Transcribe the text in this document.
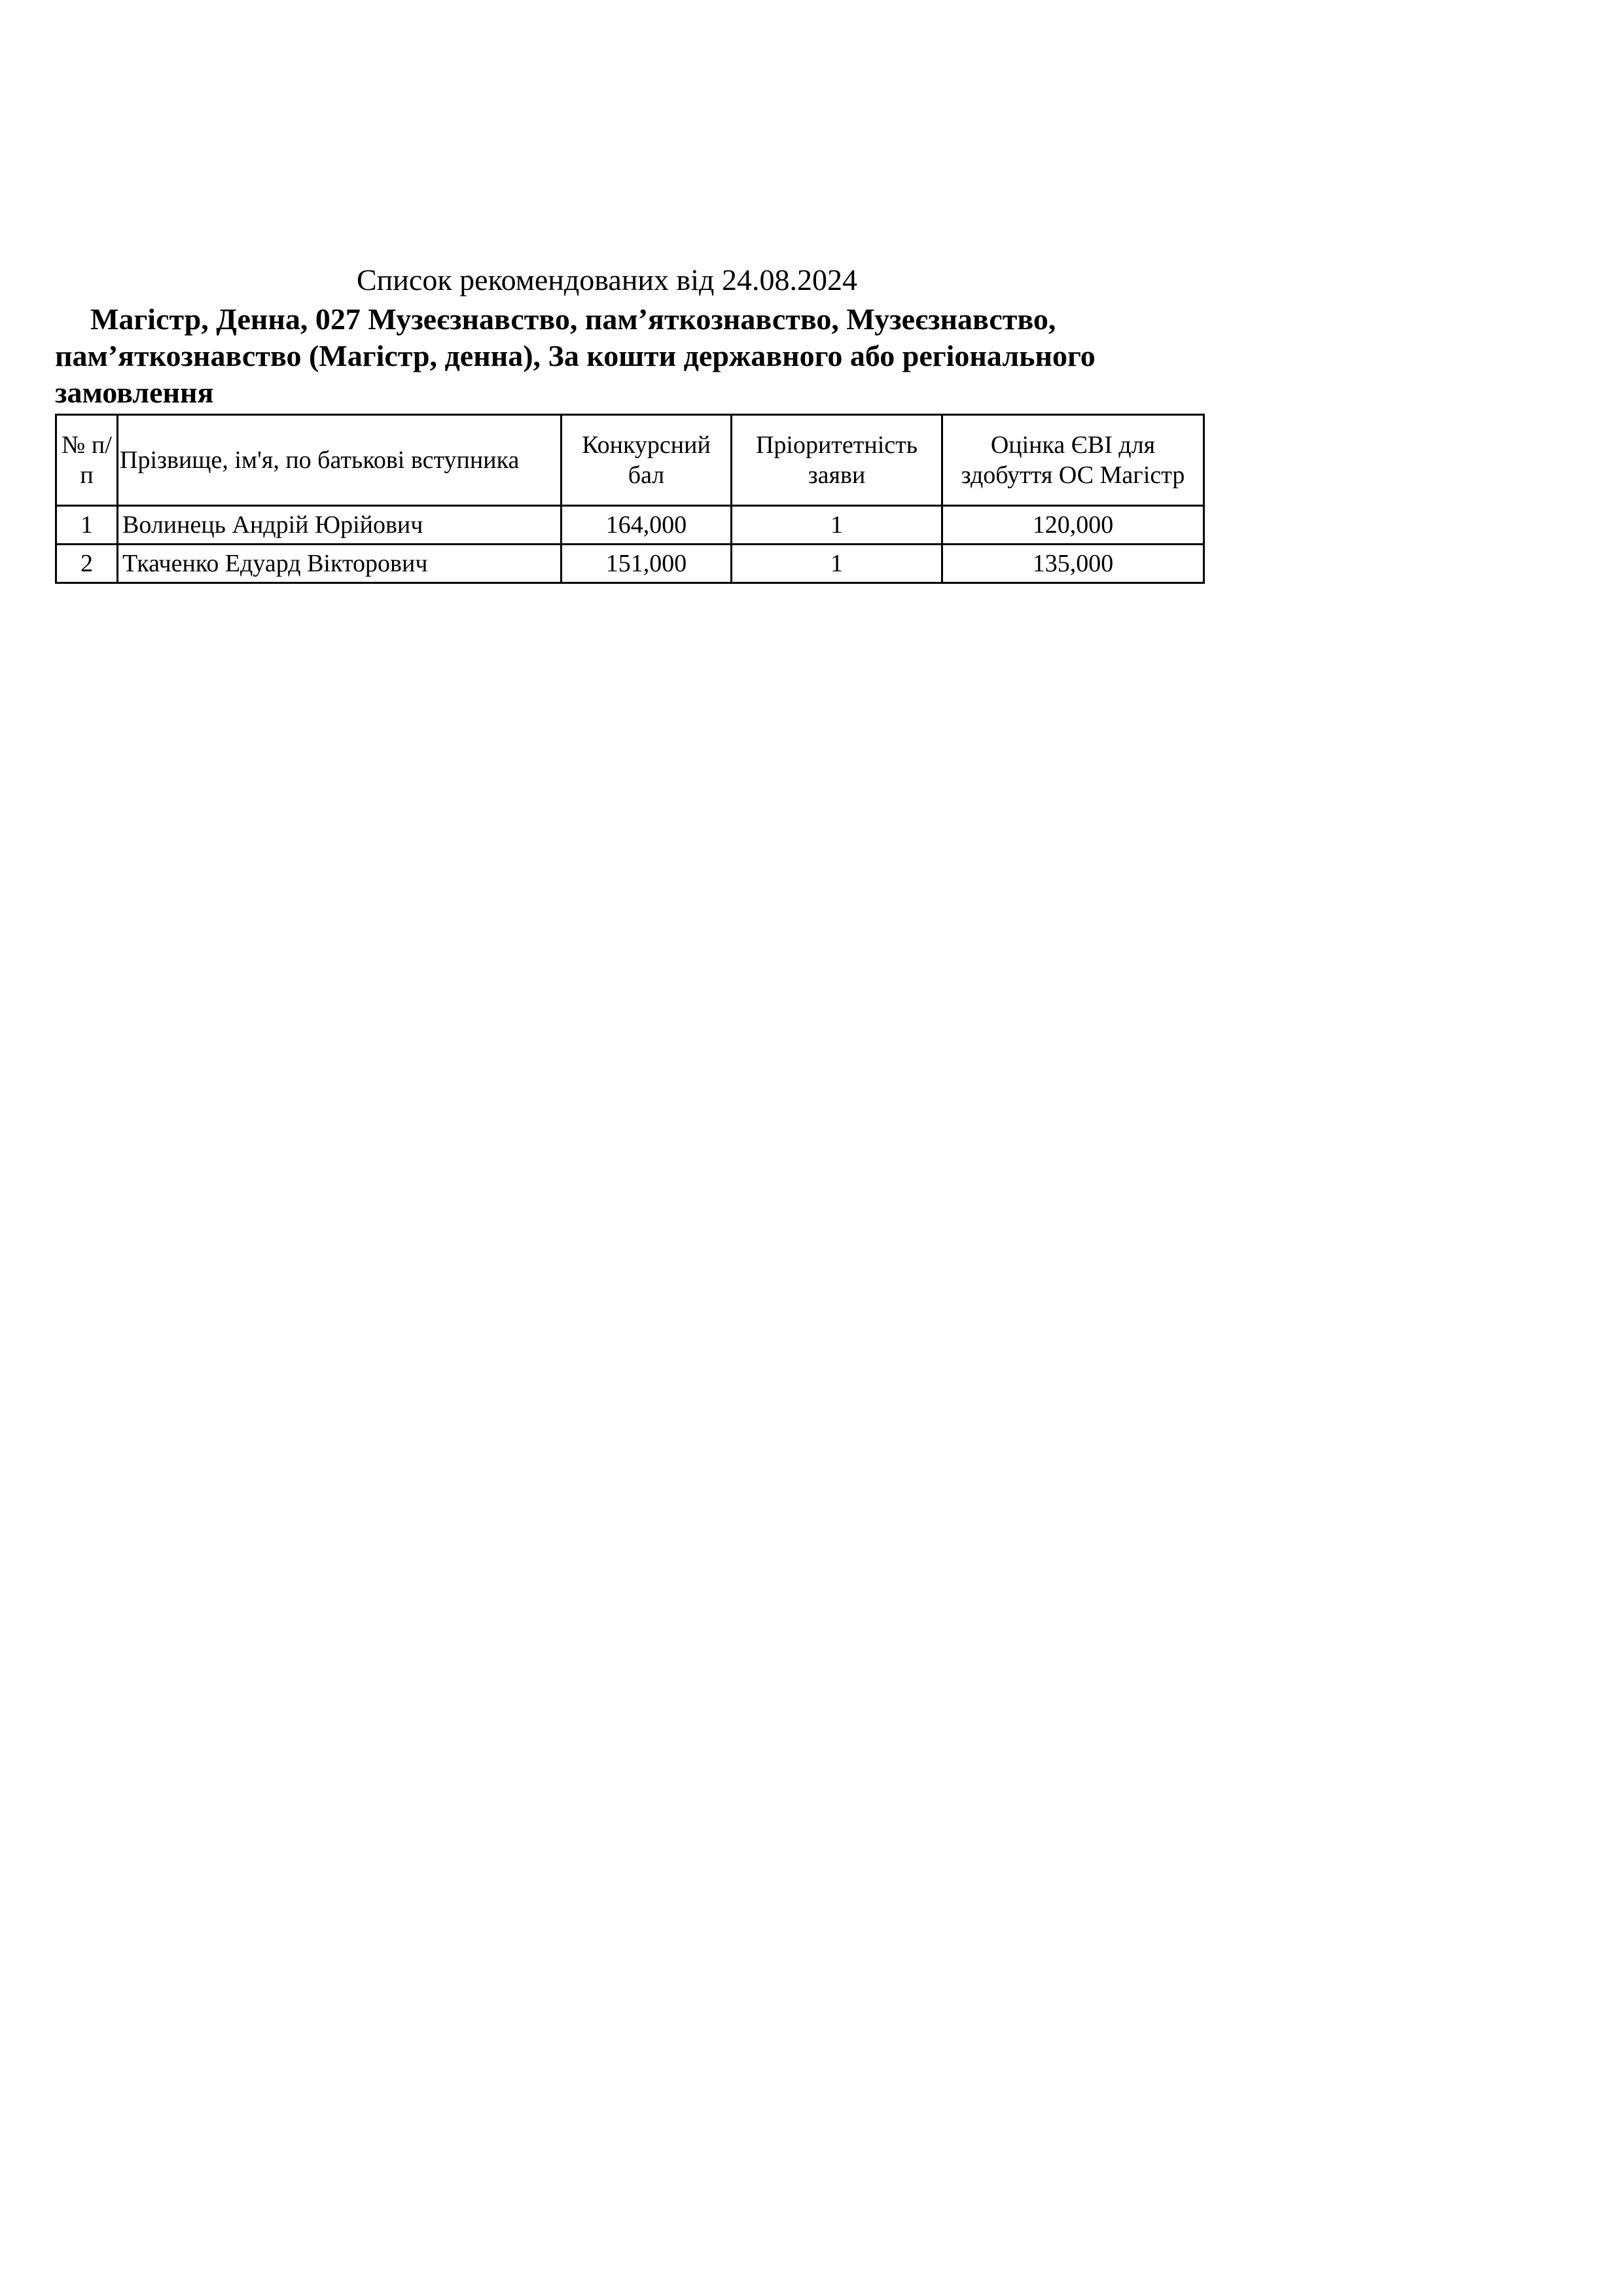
Список рекомендованих від 24.08.2024
Магістр, Денна, 027 Музеєзнавство, пам’яткознавство, Музеєзнавство, пам’яткознавство (Магістр, денна), За кошти державного або регіонального замовлення
№ п/п	Прізвище, ім'я, по батькові вступника	Конкурсний бал	Пріоритетність заяви	Оцінка ЄВІ для здобуття ОС Магістр
1	Волинець Андрій Юрійович	164,000	1	120,000
2	Ткаченко Едуард Вікторович	151,000	1	135,000
